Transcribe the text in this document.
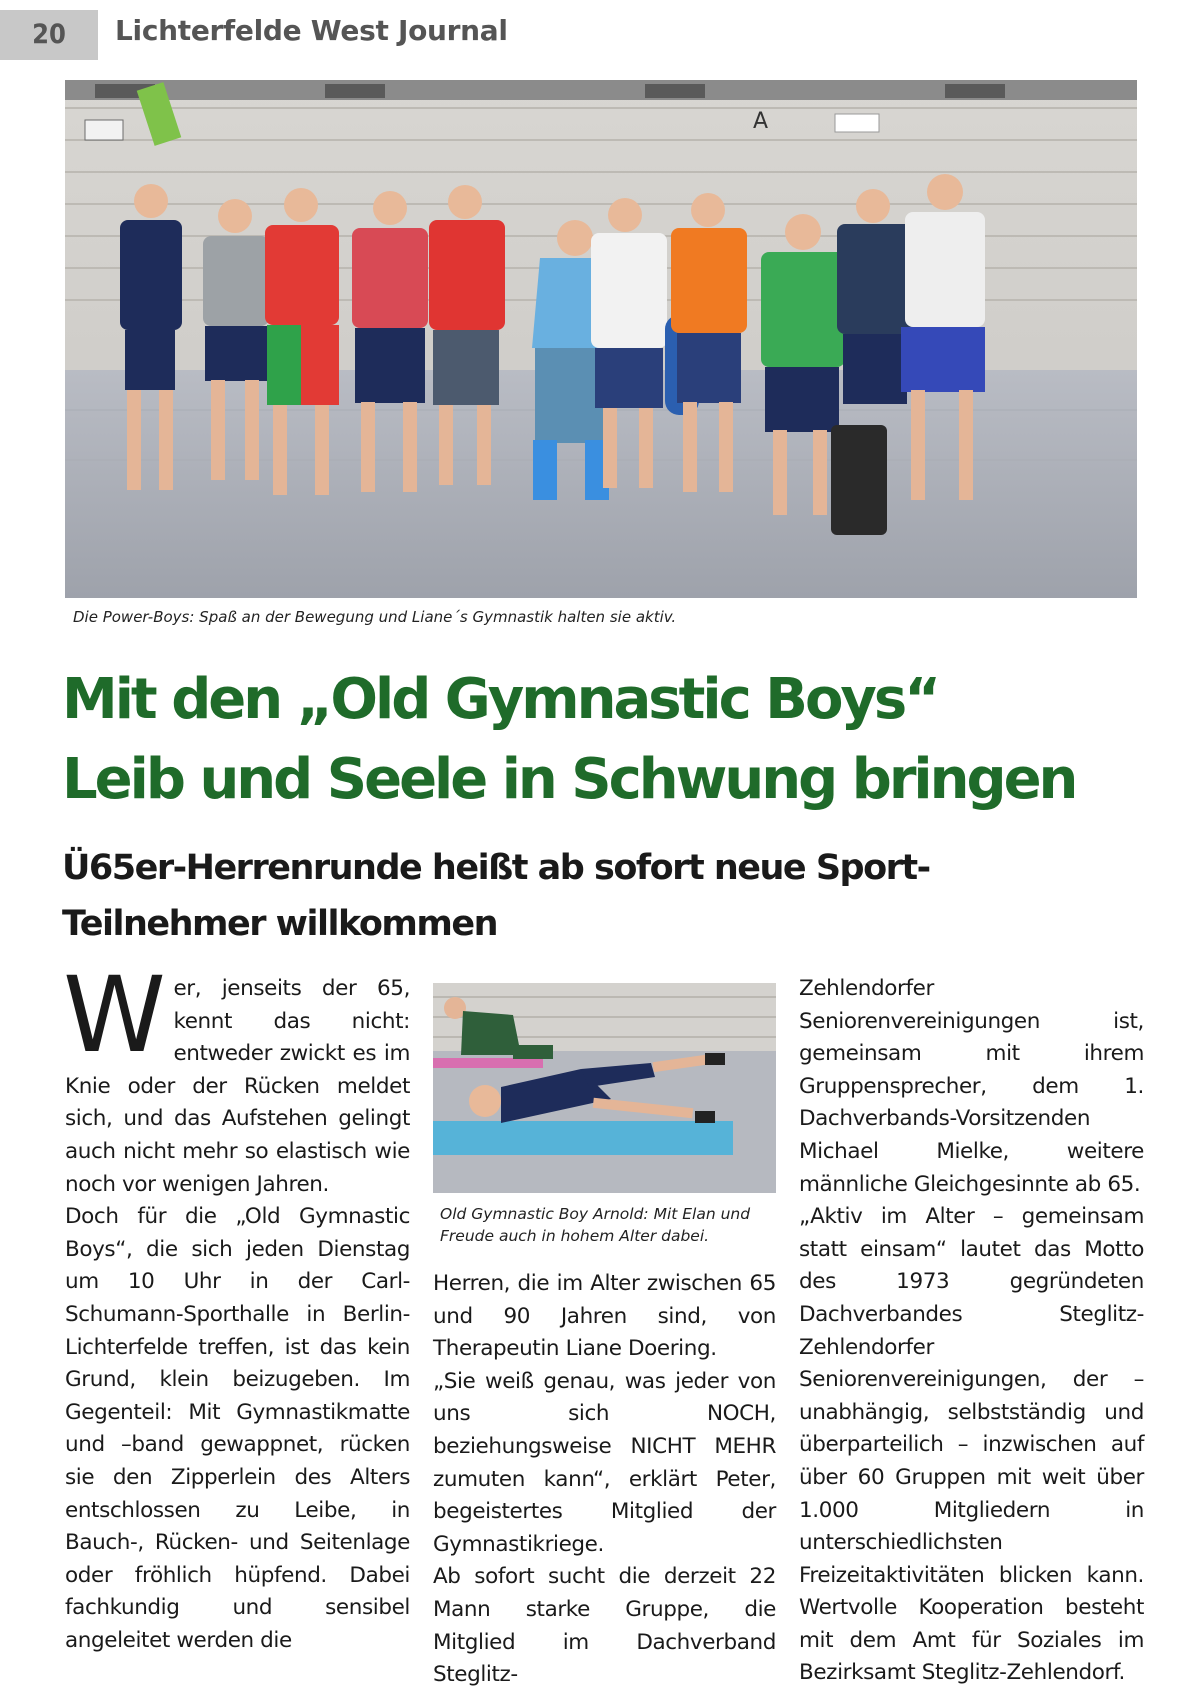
20	Lichterfelde West Journal
A
Die Power-Boys: Spaß an der Bewegung und Liane´s Gymnastik halten sie aktiv.
Mit den „Old Gymnastic Boys“
Leib und Seele in Schwung bringen
Ü65er-Herrenrunde heißt ab sofort neue Sport-Teilnehmer willkommen
W er, jenseits der 65, kennt das nicht: entweder zwickt es im Knie oder der Rücken meldet sich, und das Aufstehen gelingt auch nicht mehr so elastisch wie noch vor wenigen Jahren.

Doch für die „Old Gymnastic Boys“, die sich jeden Dienstag um 10 Uhr in der Carl-Schumann-Sporthalle in Berlin-Lichterfelde treffen, ist das kein Grund, klein beizugeben. Im Gegenteil: Mit Gymnastikmatte und –band gewappnet, rücken sie den Zipperlein des Alters entschlossen zu Leibe, in Bauch-, Rücken- und Seitenlage oder fröhlich hüpfend. Dabei fachkundig und sensibel angeleitet werden die

Old Gymnastic Boy Arnold: Mit Elan und Freude auch in hohem Alter dabei.

Herren, die im Alter zwischen 65 und 90 Jahren sind, von Therapeutin Liane Doering.

„Sie weiß genau, was jeder von uns sich NOCH, beziehungsweise NICHT MEHR zumuten kann“, erklärt Peter, begeistertes Mitglied der Gymnastikriege.

Ab sofort sucht die derzeit 22 Mann starke Gruppe, die Mitglied im Dachverband Steglitz-

Zehlendorfer Seniorenvereinigungen ist, gemeinsam mit ihrem Gruppensprecher, dem 1. Dachverbands-Vorsitzenden Michael Mielke, weitere männliche Gleichgesinnte ab 65.

„Aktiv im Alter – gemeinsam statt einsam“ lautet das Motto des 1973 gegründeten Dachverbandes Steglitz-Zehlendorfer Seniorenvereinigungen, der – unabhängig, selbstständig und überparteilich – inzwischen auf über 60 Gruppen mit weit über 1.000 Mitgliedern in unterschiedlichsten Freizeitaktivitäten blicken kann. Wertvolle Kooperation besteht mit dem Amt für Soziales im Bezirksamt Steglitz-Zehlendorf.
